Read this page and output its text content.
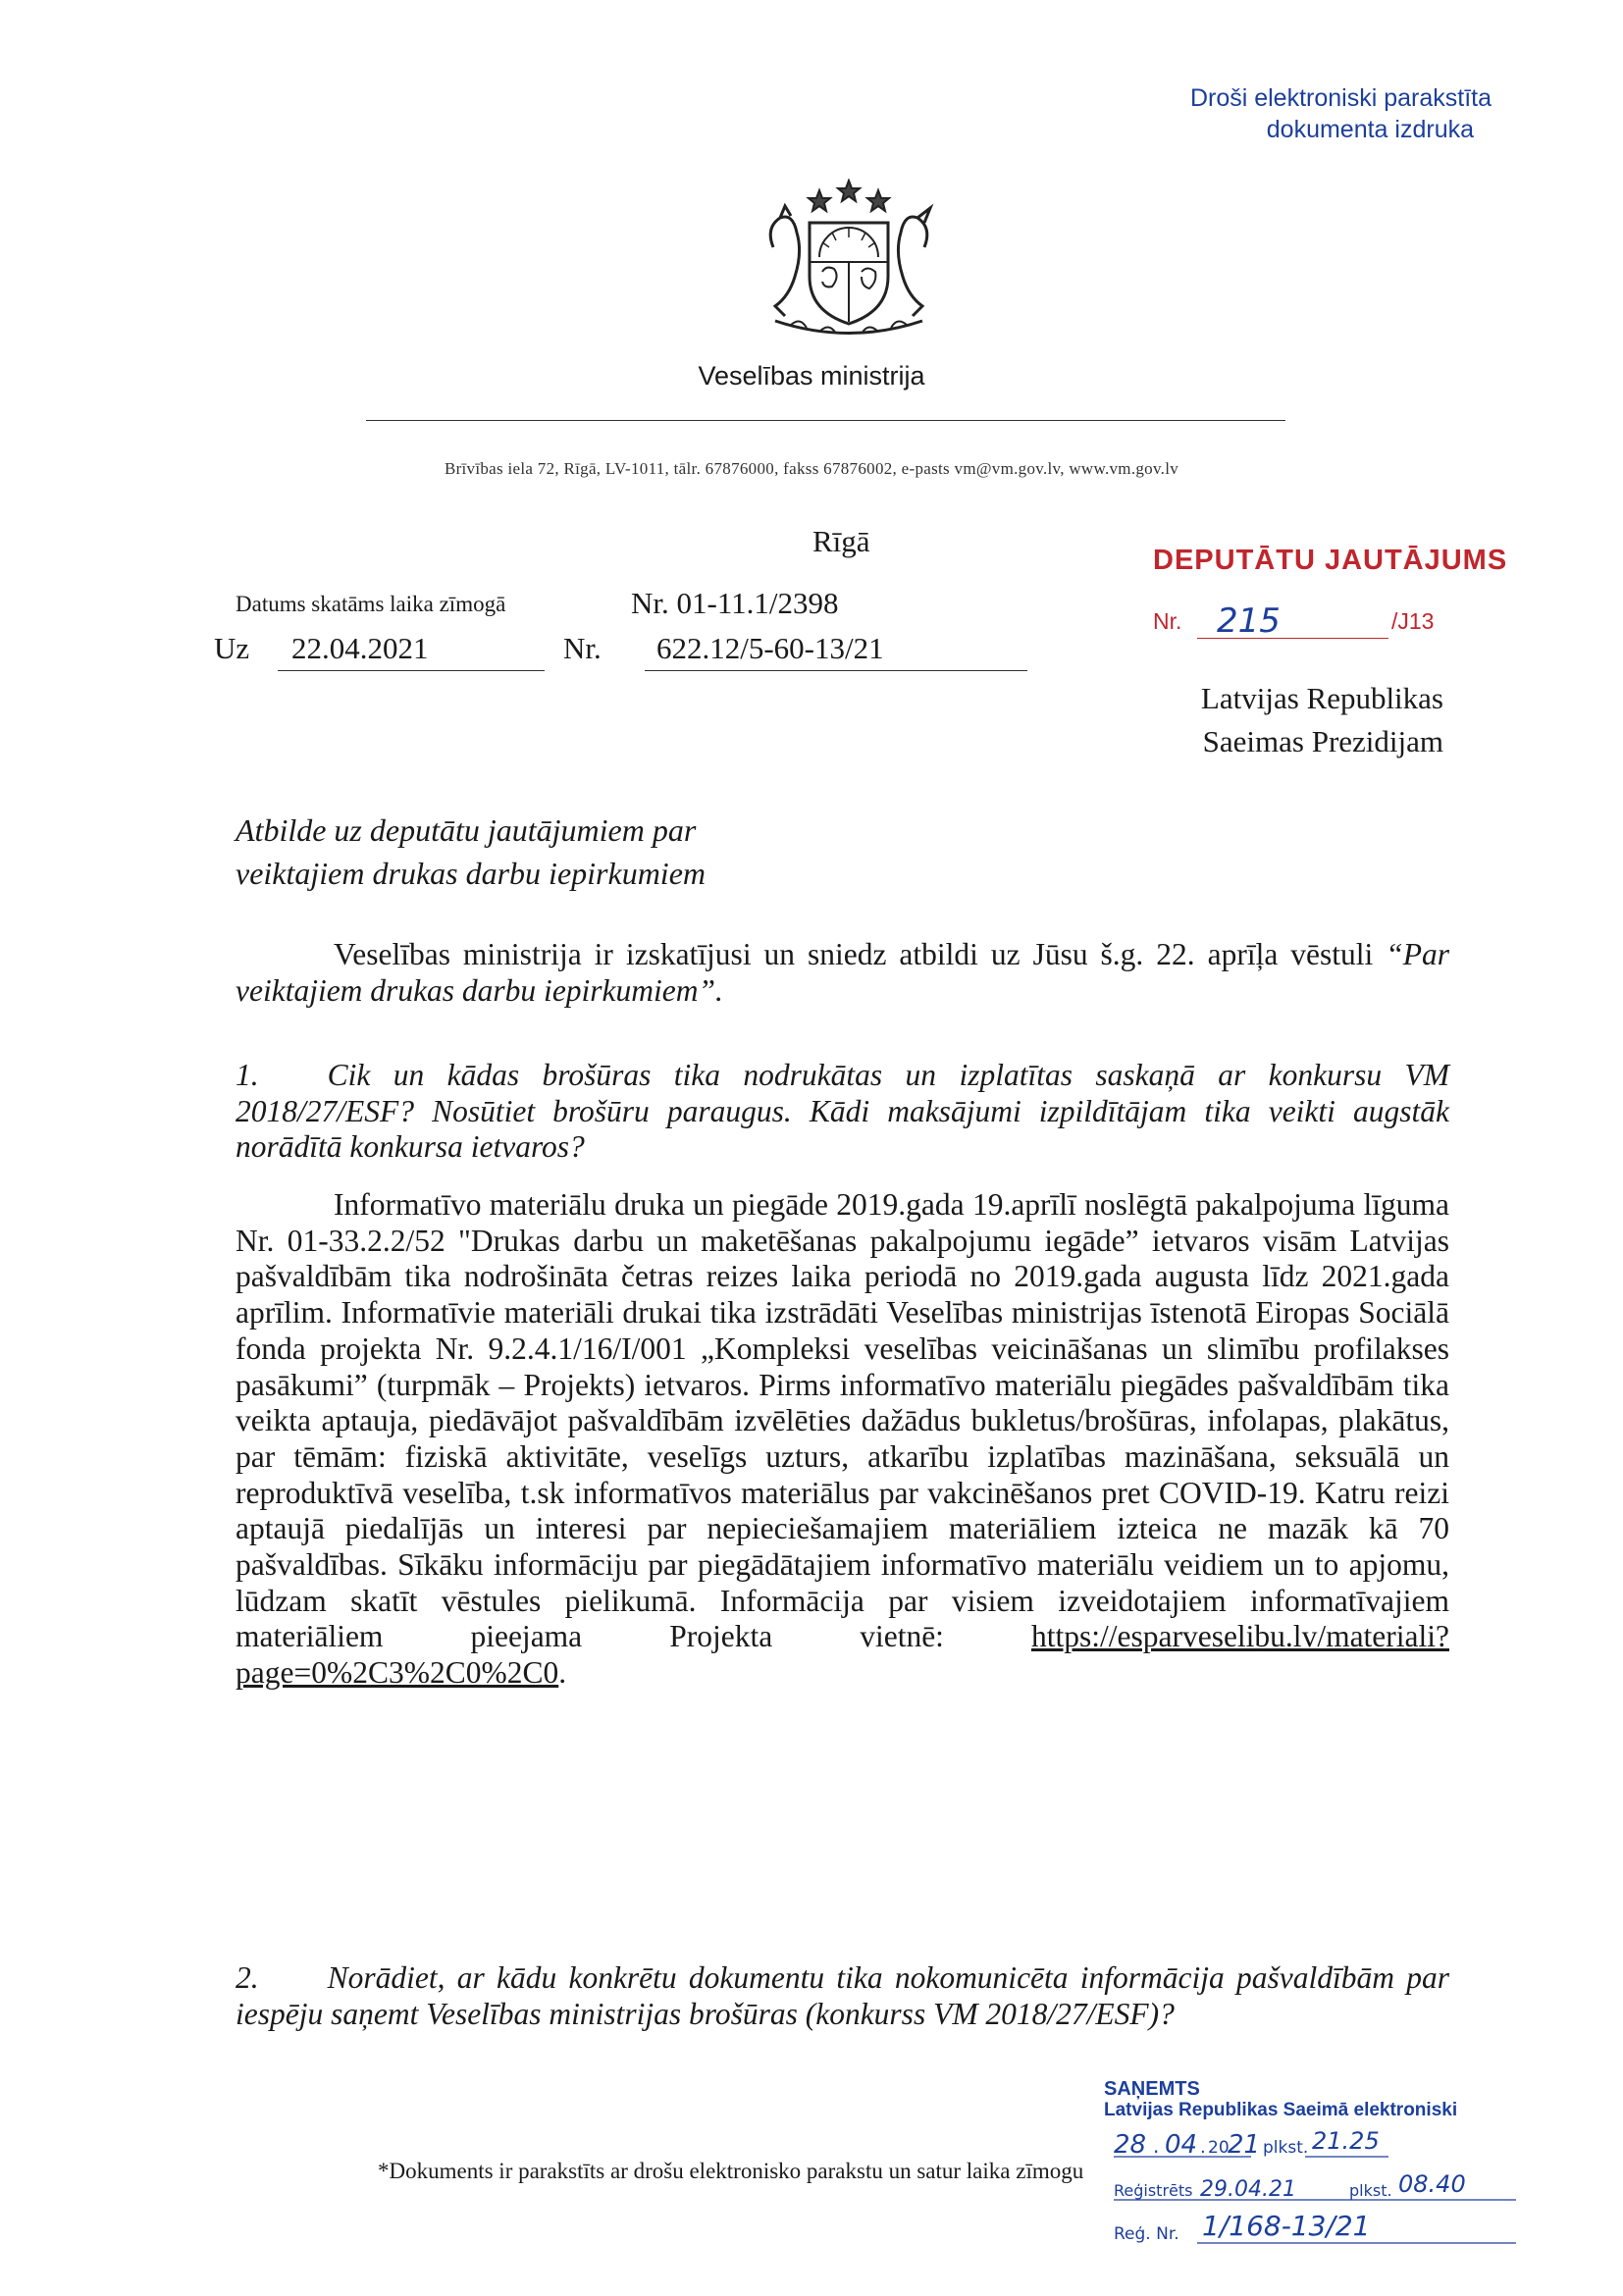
Droši elektroniski parakstīta
dokumenta izdruka
Veselības ministrija
Brīvības iela 72, Rīgā, LV-1011, tālr. 67876000, fakss 67876002, e-pasts vm@vm.gov.lv, www.vm.gov.lv
Rīgā
Datums skatāms laika zīmogā	Nr. 01-11.1/2398
Uz	22.04.2021	Nr.	622.12/5-60-13/21
DEPUTĀTU JAUTĀJUMS
Nr. 215	/J13
Latvijas Republikas
Saeimas Prezidijam
Atbilde uz deputātu jautājumiem par
veiktajiem drukas darbu iepirkumiem

Veselības ministrija ir izskatījusi un sniedz atbildi uz Jūsu š.g. 22. aprīļa vēstuli “Par veiktajiem drukas darbu iepirkumiem”.

1. Cik un kādas brošūras tika nodrukātas un izplatītas saskaņā ar konkursu VM 2018/27/ESF? Nosūtiet brošūru paraugus. Kādi maksājumi izpildītājam tika veikti augstāk norādītā konkursa ietvaros?

Informatīvo materiālu druka un piegāde 2019.gada 19.aprīlī noslēgtā pakalpojuma līguma Nr. 01-33.2.2/52 "Drukas darbu un maketēšanas pakalpojumu iegāde” ietvaros visām Latvijas pašvaldībām tika nodrošināta četras reizes laika periodā no 2019.gada augusta līdz 2021.gada aprīlim. Informatīvie materiāli drukai tika izstrādāti Veselības ministrijas īstenotā Eiropas Sociālā fonda projekta Nr. 9.2.4.1/16/I/001 „Kompleksi veselības veicināšanas un slimību profilakses pasākumi” (turpmāk – Projekts) ietvaros. Pirms informatīvo materiālu piegādes pašvaldībām tika veikta aptauja, piedāvājot pašvaldībām izvēlēties dažādus bukletus/brošūras, infolapas, plakātus, par tēmām: fiziskā aktivitāte, veselīgs uzturs, atkarību izplatības mazināšana, seksuālā un reproduktīvā veselība, t.sk informatīvos materiālus par vakcinēšanos pret COVID-19. Katru reizi aptaujā piedalījās un interesi par nepieciešamajiem materiāliem izteica ne mazāk kā 70 pašvaldības. Sīkāku informāciju par piegādātajiem informatīvo materiālu veidiem un to apjomu, lūdzam skatīt vēstules pielikumā. Informācija par visiem izveidotajiem informatīvajiem materiāliem pieejama Projekta vietnē:	https://esparveselibu.lv/materiali?page=0%2C3%2C0%2C0.

2. Norādiet, ar kādu konkrētu dokumentu tika nokomunicēta informācija pašvaldībām par iespēju saņemt Veselības ministrijas brošūras (konkurss VM 2018/27/ESF)?

SAŅEMTS
Latvijas Republikas Saeimā elektroniski
28 . 04 . 20
21 plkst. 21.25
Reģistrēts 29.04.21	plkst. 08.40
Reģ. Nr. 1/168-13/21
*Dokuments ir parakstīts ar drošu elektronisko parakstu un satur laika zīmogu
